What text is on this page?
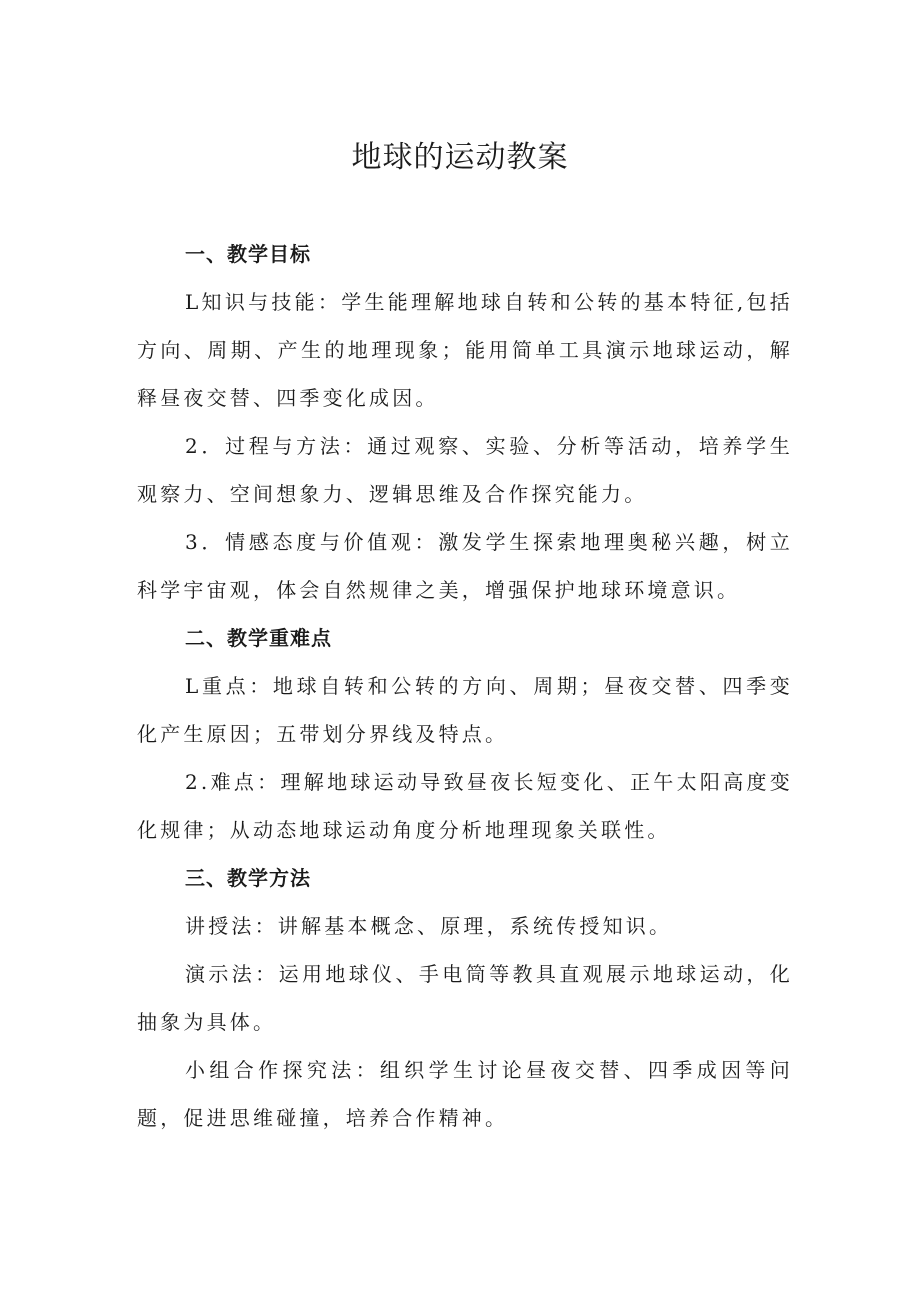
地球的运动教案
一、教学目标

L知识与技能：学生能理解地球自转和公转的基本特征,包括方向、周期、产生的地理现象；能用简单工具演示地球运动，解释昼夜交替、四季变化成因。

2．过程与方法：通过观察、实验、分析等活动，培养学生观察力、空间想象力、逻辑思维及合作探究能力。

3．情感态度与价值观：激发学生探索地理奥秘兴趣，树立科学宇宙观，体会自然规律之美，增强保护地球环境意识。

二、教学重难点

L重点：地球自转和公转的方向、周期；昼夜交替、四季变化产生原因；五带划分界线及特点。

2.难点：理解地球运动导致昼夜长短变化、正午太阳高度变化规律；从动态地球运动角度分析地理现象关联性。

三、教学方法

讲授法：讲解基本概念、原理，系统传授知识。

演示法：运用地球仪、手电筒等教具直观展示地球运动，化抽象为具体。

小组合作探究法：组织学生讨论昼夜交替、四季成因等问题，促进思维碰撞，培养合作精神。
